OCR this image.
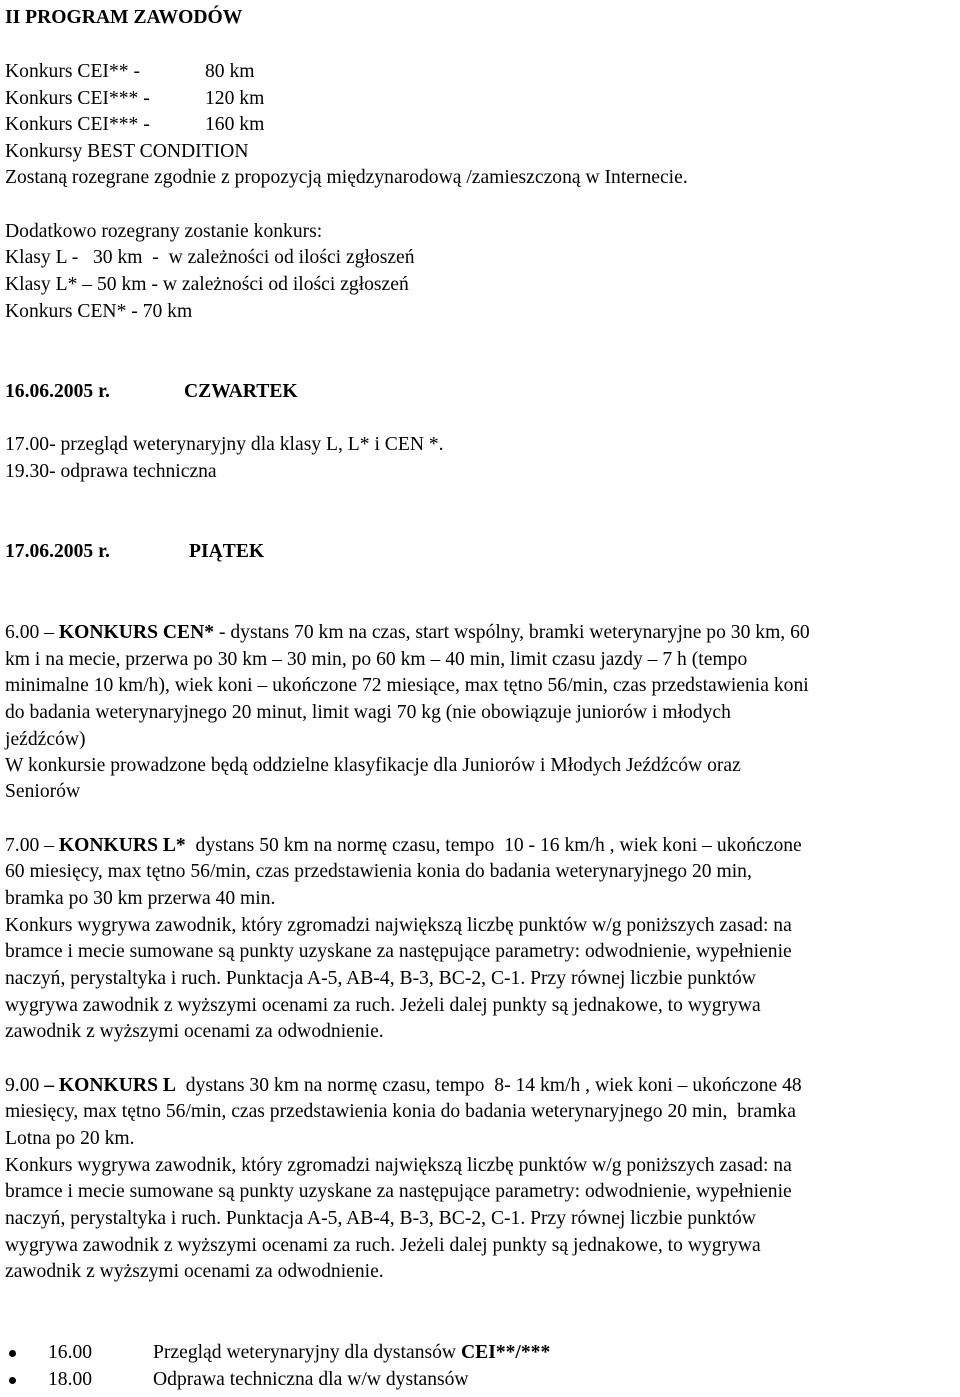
II PROGRAM ZAWODÓW
Konkurs CEI** -	80 km
Konkurs CEI*** -	120 km
Konkurs CEI*** -	160 km
Konkursy BEST CONDITION
Zostaną rozegrane zgodnie z propozycją międzynarodową /zamieszczoną w Internecie.
Dodatkowo rozegrany zostanie konkurs:
Klasy L -   30 km  -  w zależności od ilości zgłoszeń
Klasy L* – 50 km - w zależności od ilości zgłoszeń
Konkurs CEN* - 70 km
16.06.2005 r.	CZWARTEK
17.00- przegląd weterynaryjny dla klasy L, L* i CEN *.
19.30- odprawa techniczna
17.06.2005 r.	PIĄTEK
6.00 – KONKURS CEN* - dystans 70 km na czas, start wspólny, bramki weterynaryjne po 30 km, 60
km i na mecie, przerwa po 30 km – 30 min, po 60 km – 40 min, limit czasu jazdy – 7 h (tempo
minimalne 10 km/h), wiek koni – ukończone 72 miesiące, max tętno 56/min, czas przedstawienia koni
do badania weterynaryjnego 20 minut, limit wagi 70 kg (nie obowiązuje juniorów i młodych
jeźdźców)
W konkursie prowadzone będą oddzielne klasyfikacje dla Juniorów i Młodych Jeźdźców oraz
Seniorów
7.00 – KONKURS L*  dystans 50 km na normę czasu, tempo  10 - 16 km/h , wiek koni – ukończone
60 miesięcy, max tętno 56/min, czas przedstawienia konia do badania weterynaryjnego 20 min,
bramka po 30 km przerwa 40 min.
Konkurs wygrywa zawodnik, który zgromadzi największą liczbę punktów w/g poniższych zasad: na
bramce i mecie sumowane są punkty uzyskane za następujące parametry: odwodnienie, wypełnienie
naczyń, perystaltyka i ruch. Punktacja A-5, AB-4, B-3, BC-2, C-1. Przy równej liczbie punktów
wygrywa zawodnik z wyższymi ocenami za ruch. Jeżeli dalej punkty są jednakowe, to wygrywa
zawodnik z wyższymi ocenami za odwodnienie.
9.00 – KONKURS L  dystans 30 km na normę czasu, tempo  8- 14 km/h , wiek koni – ukończone 48
miesięcy, max tętno 56/min, czas przedstawienia konia do badania weterynaryjnego 20 min,  bramka
Lotna po 20 km.
Konkurs wygrywa zawodnik, który zgromadzi największą liczbę punktów w/g poniższych zasad: na
bramce i mecie sumowane są punkty uzyskane za następujące parametry: odwodnienie, wypełnienie
naczyń, perystaltyka i ruch. Punktacja A-5, AB-4, B-3, BC-2, C-1. Przy równej liczbie punktów
wygrywa zawodnik z wyższymi ocenami za ruch. Jeżeli dalej punkty są jednakowe, to wygrywa
zawodnik z wyższymi ocenami za odwodnienie.
16.00	Przegląd weterynaryjny dla dystansów CEI**/***
18.00	Odprawa techniczna dla w/w dystansów
